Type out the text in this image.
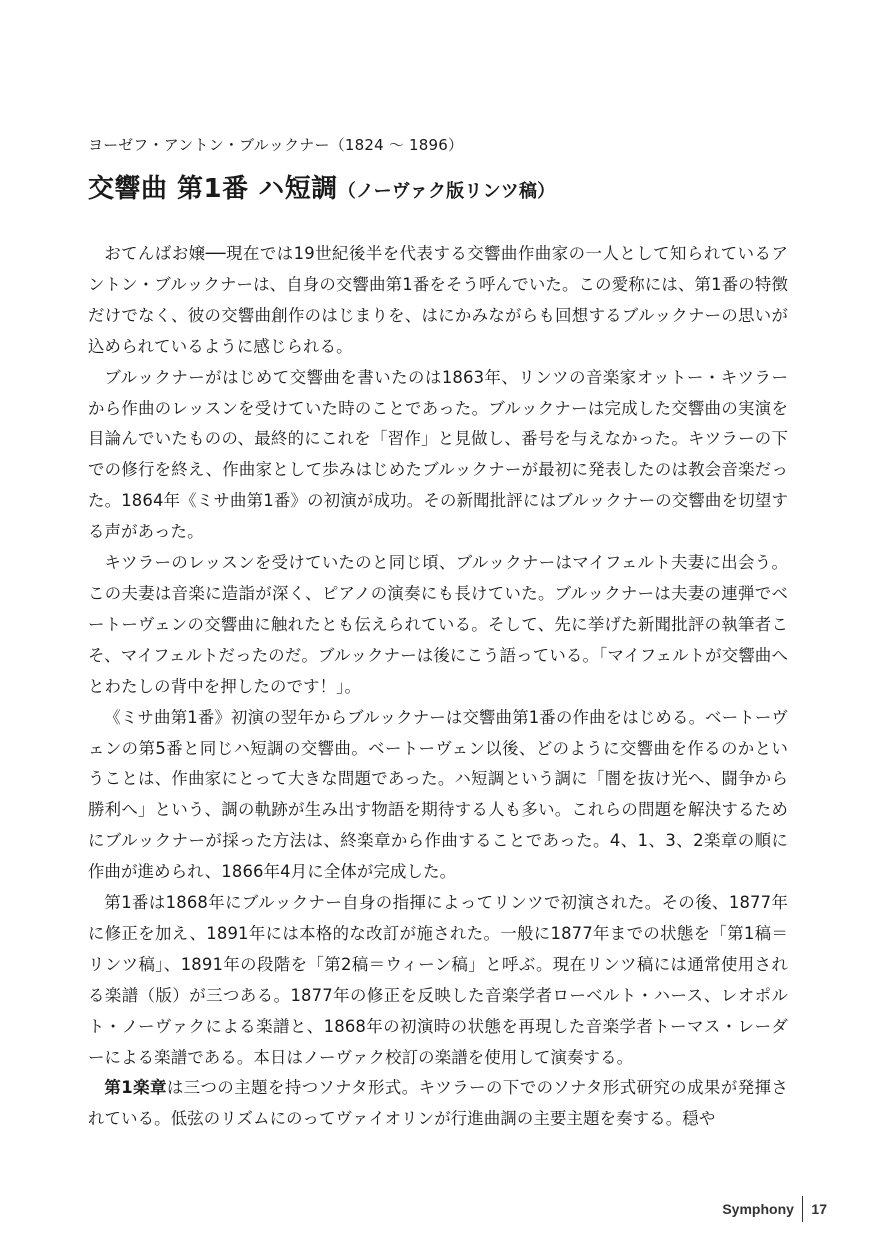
ヨーゼフ・アントン・ブルックナー（1824 ～ 1896）
交響曲 第1番 ハ短調（ノーヴァク版リンツ稿）

おてんばお嬢──現在では19世紀後半を代表する交響曲作曲家の一人として知られているアントン・ブルックナーは、自身の交響曲第1番をそう呼んでいた。この愛称には、第1番の特徴だけでなく、彼の交響曲創作のはじまりを、はにかみながらも回想するブルックナーの思いが込められているように感じられる。

ブルックナーがはじめて交響曲を書いたのは1863年、リンツの音楽家オットー・キツラーから作曲のレッスンを受けていた時のことであった。ブルックナーは完成した交響曲の実演を目論んでいたものの、最終的にこれを「習作」と見做し、番号を与えなかった。キツラーの下での修行を終え、作曲家として歩みはじめたブルックナーが最初に発表したのは教会音楽だった。1864年《ミサ曲第1番》の初演が成功。その新聞批評にはブルックナーの交響曲を切望する声があった。

キツラーのレッスンを受けていたのと同じ頃、ブルックナーはマイフェルト夫妻に出会う。この夫妻は音楽に造詣が深く、ピアノの演奏にも長けていた。ブルックナーは夫妻の連弾でベートーヴェンの交響曲に触れたとも伝えられている。そして、先に挙げた新聞批評の執筆者こそ、マイフェルトだったのだ。ブルックナーは後にこう語っている。「マイフェルトが交響曲へとわたしの背中を押したのです！」。

《ミサ曲第1番》初演の翌年からブルックナーは交響曲第1番の作曲をはじめる。ベートーヴェンの第5番と同じハ短調の交響曲。ベートーヴェン以後、どのように交響曲を作るのかということは、作曲家にとって大きな問題であった。ハ短調という調に「闇を抜け光へ、闘争から勝利へ」という、調の軌跡が生み出す物語を期待する人も多い。これらの問題を解決するためにブルックナーが採った方法は、終楽章から作曲することであった。4、1、3、2楽章の順に作曲が進められ、1866年4月に全体が完成した。

第1番は1868年にブルックナー自身の指揮によってリンツで初演された。その後、1877年に修正を加え、1891年には本格的な改訂が施された。一般に1877年までの状態を「第1稿＝リンツ稿」、1891年の段階を「第2稿＝ウィーン稿」と呼ぶ。現在リンツ稿には通常使用される楽譜（版）が三つある。1877年の修正を反映した音楽学者ローベルト・ハース、レオポルト・ノーヴァクによる楽譜と、1868年の初演時の状態を再現した音楽学者トーマス・レーダーによる楽譜である。本日はノーヴァク校訂の楽譜を使用して演奏する。

第1楽章は三つの主題を持つソナタ形式。キツラーの下でのソナタ形式研究の成果が発揮されている。低弦のリズムにのってヴァイオリンが行進曲調の主要主題を奏する。穏や

Symphony 17
